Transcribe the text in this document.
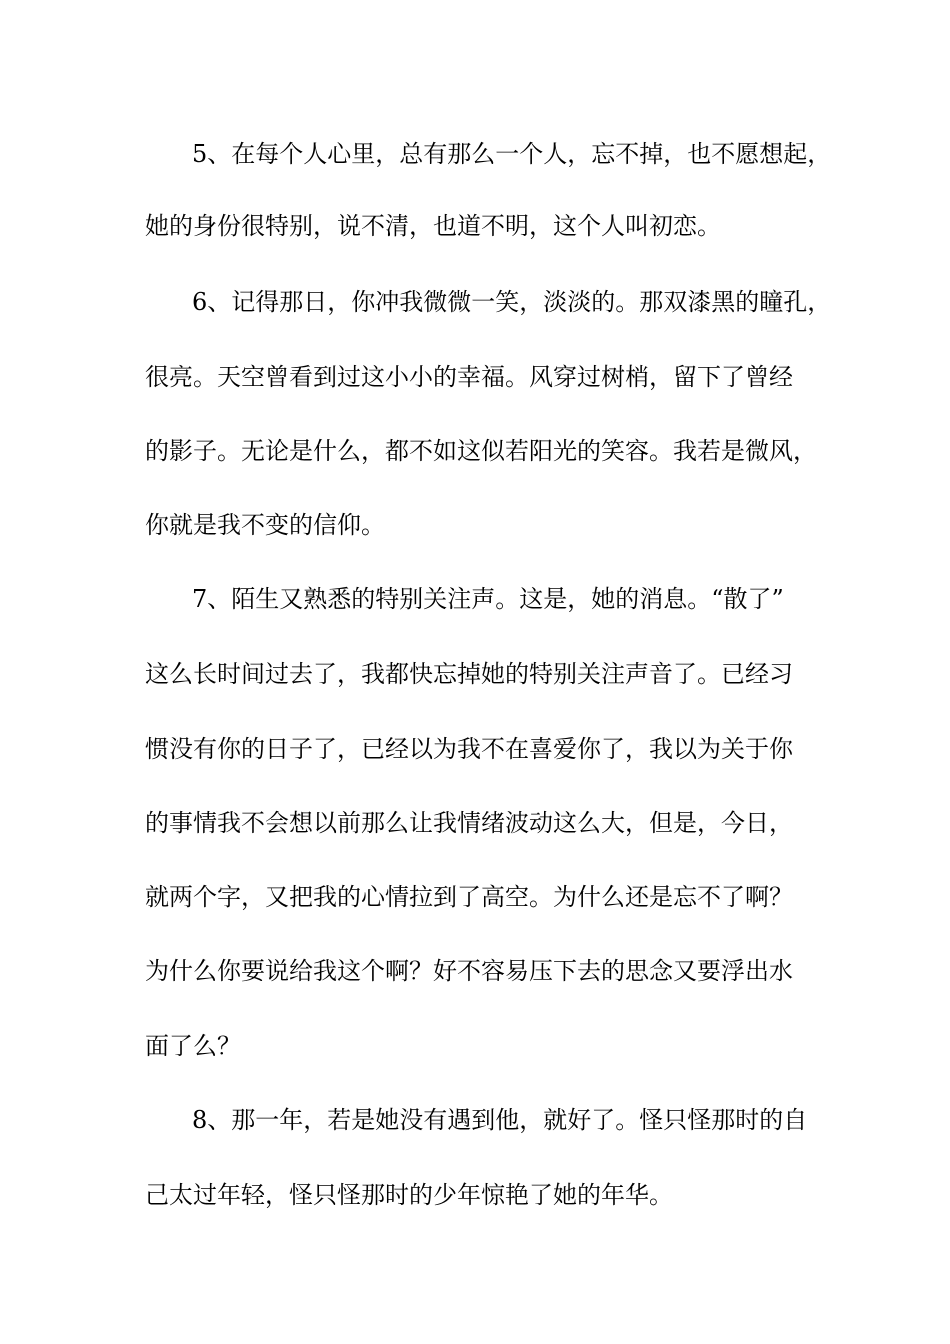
5、在每个人心里，总有那么一个人，忘不掉，也不愿想起，
她的身份很特别，说不清，也道不明，这个人叫初恋。
6、记得那日，你冲我微微一笑，淡淡的。那双漆黑的瞳孔，
很亮。天空曾看到过这小小的幸福。风穿过树梢，留下了曾经
的影子。无论是什么，都不如这似若阳光的笑容。我若是微风，
你就是我不变的信仰。
7、陌生又熟悉的特别关注声。这是，她的消息。“散了”
这么长时间过去了，我都快忘掉她的特别关注声音了。已经习
惯没有你的日子了，已经以为我不在喜爱你了，我以为关于你
的事情我不会想以前那么让我情绪波动这么大，但是，今日，
就两个字，又把我的心情拉到了高空。为什么还是忘不了啊？
为什么你要说给我这个啊？好不容易压下去的思念又要浮出水
面了么？
8、那一年，若是她没有遇到他，就好了。怪只怪那时的自
己太过年轻，怪只怪那时的少年惊艳了她的年华。
